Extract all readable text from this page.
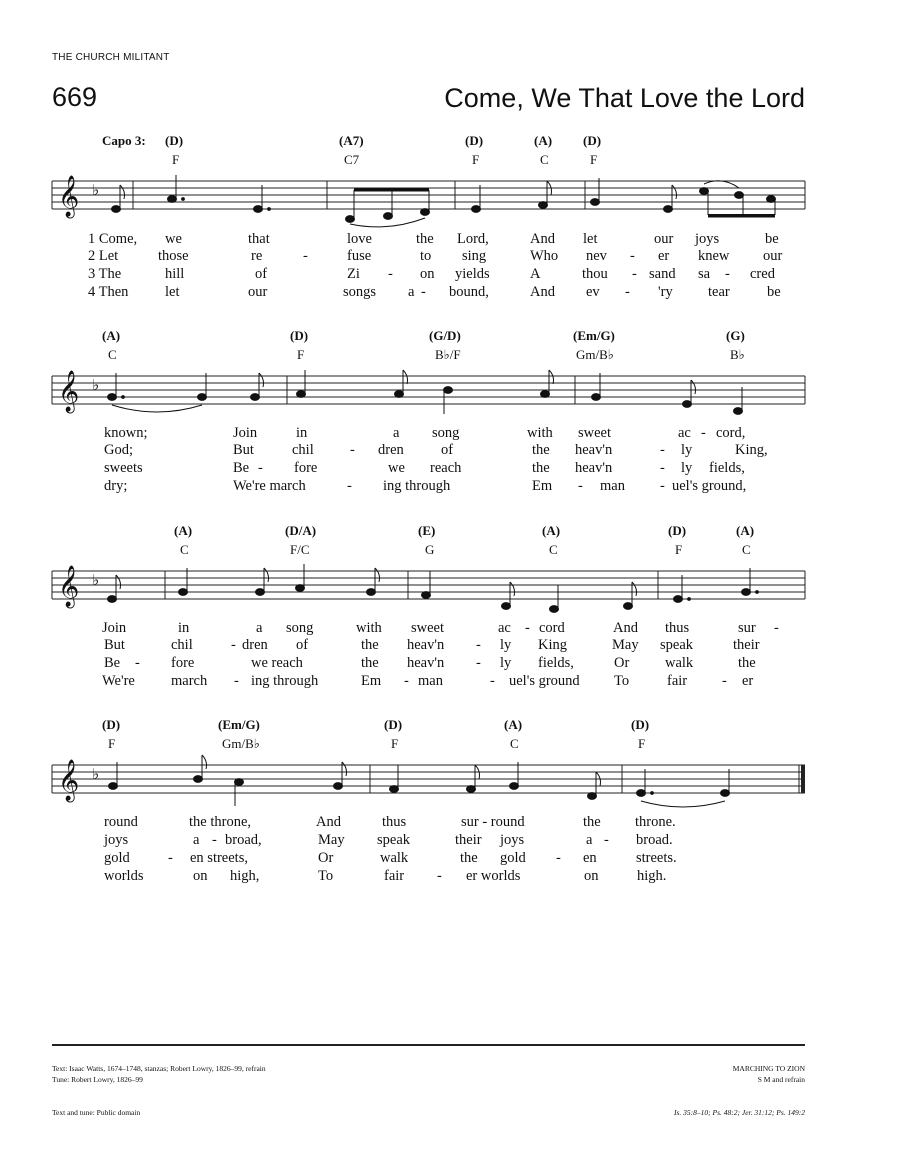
THE CHURCH MILITANT
669	Come, We That Love the Lord
Capo 3: (D)	(A7)	(D)	(A) (D)
F	C7	F	C	F
𝄞 ♭
𝄞 ♭
𝄞 ♭
𝄞 ♭
1 Come, we	that	love	the Lord,	And let	our joys	be
2 Let	those	re	-	fuse	to sing	Who nev - er knew our
3 The	hill	of	Zi - on yields	A	thou - sand sa - cred
4 Then	let	our	songs a - bound,	And ev - 'ry tear	be
(A)	(D)	(G/D)	(Em/G)	(G)
C	F	B♭/F	Gm/B♭	B♭
known;	Join	in	a song	with sweet	ac - cord,
God;	But	chil	- dren	of	the heav'n	- ly	King,
sweets	Be - fore	we reach	the heav'n	- ly fields,
dry;	We're march	- ing through	Em - man - uel's ground,
(A)	(D/A)	(E)	(A)	(D)	(A)
C	F/C	G	C	F	C
Join	in	a song	with sweet	ac - cord	And thus	sur -
But	chil	- dren of	the heav'n - ly King	May speak	their
Be - fore	we reach	the heav'n - ly fields,	Or walk	the
We're march - ing through	Em - man	- uel's ground To	fair - er
(D)	(Em/G)	(D)	(A)	(D)
F	Gm/B♭	F	C	F
round	the throne,	And	thus	sur - round	the throne.
joys	a - broad,	May speak	their joys	a - broad.
gold	- en streets,	Or	walk	the gold - en	streets.
worlds	on high,	To	fair - er worlds	on	high.
Text: Isaac Watts, 1674–1748, stanzas; Robert Lowry, 1826–99, refrain
Tune: Robert Lowry, 1826–99
Text and tune: Public domain
MARCHING TO ZION
S M and refrain
Is. 35:8–10; Ps. 48:2; Jer. 31:12; Ps. 149:2
